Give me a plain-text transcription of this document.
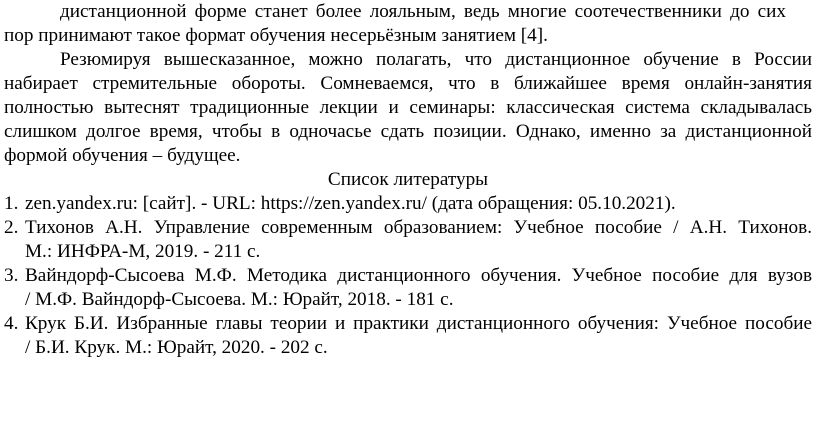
дистанционной форме станет более лояльным, ведь многие соотечественники до сих
пор принимают такое формат обучения несерьёзным занятием [4].
Резюмируя вышесказанное, можно полагать, что дистанционное обучение в России
набирает стремительные обороты. Сомневаемся, что в ближайшее время онлайн-занятия
полностью вытеснят традиционные лекции и семинары: классическая система складывалась
слишком долгое время, чтобы в одночасье сдать позиции. Однако, именно за дистанционной
формой обучения – будущее.
Список литературы
1. zen.yandex.ru: [сайт]. - URL: https://zen.yandex.ru/ (дата обращения: 05.10.2021).
2. Тихонов А.Н. Управление современным образованием: Учебное пособие / А.Н. Тихонов.
М.: ИНФРА-М, 2019. - 211 с.
3. Вайндорф-Сысоева М.Ф. Методика дистанционного обучения. Учебное пособие для вузов
/ М.Ф. Вайндорф-Сысоева. М.: Юрайт, 2018. - 181 с.
4. Крук Б.И. Избранные главы теории и практики дистанционного обучения: Учебное пособие
/ Б.И. Крук. М.: Юрайт, 2020. - 202 с.
